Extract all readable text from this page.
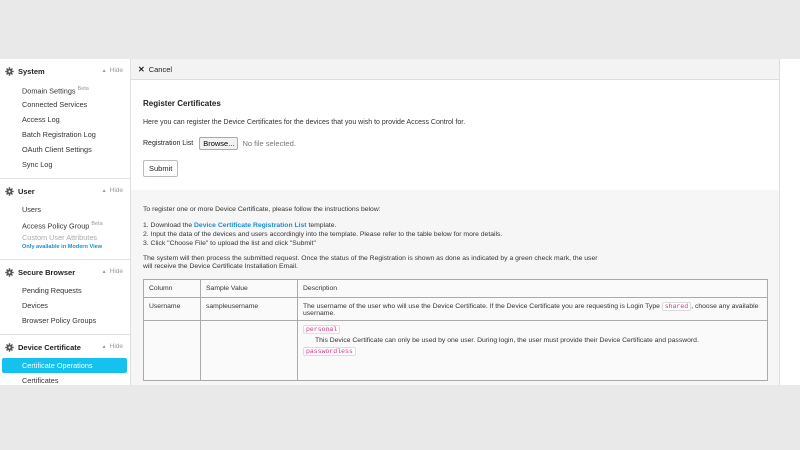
System	▲ Hide
Domain Settings $^{Beta}$
Connected Services
Access Log
Batch Registration Log
OAuth Client Settings
Sync Log
User	▲ Hide
Users
Access Policy Group $^{Beta}$
Custom User Attributes
Only available in Modern View
Secure Browser	▲ Hide
Pending Requests
Devices
Browser Policy Groups
Device Certificate	▲ Hide
Certificate Operations
Certificates
✕ Cancel
Register Certificates

Here you can register the Device Certificates for the devices that you wish to provide Access Control for.

Registration List	Browse...	No file selected.
Submit
To register one or more Device Certificate, please follow the instructions below:
1. Download the Device Certificate Registration List template.
2. Input the data of the devices and users accordingly into the template. Please refer to the table below for more details.
3. Click "Choose File" to upload the list and click "Submit"
The system will then process the submitted request. Once the status of the Registration is shown as done as indicated by a green check mark, the user
will receive the Device Certificate Installation Email.
Column	Sample Value	Description
Username	sampleusername	The username of the user who will use the Device Certificate. If the Device Certificate you are requesting is Login Type shared , choose any available username.
		personal
This Device Certificate can only be used by one user. During login, the user must provide their Device Certificate and password.
passwordless
